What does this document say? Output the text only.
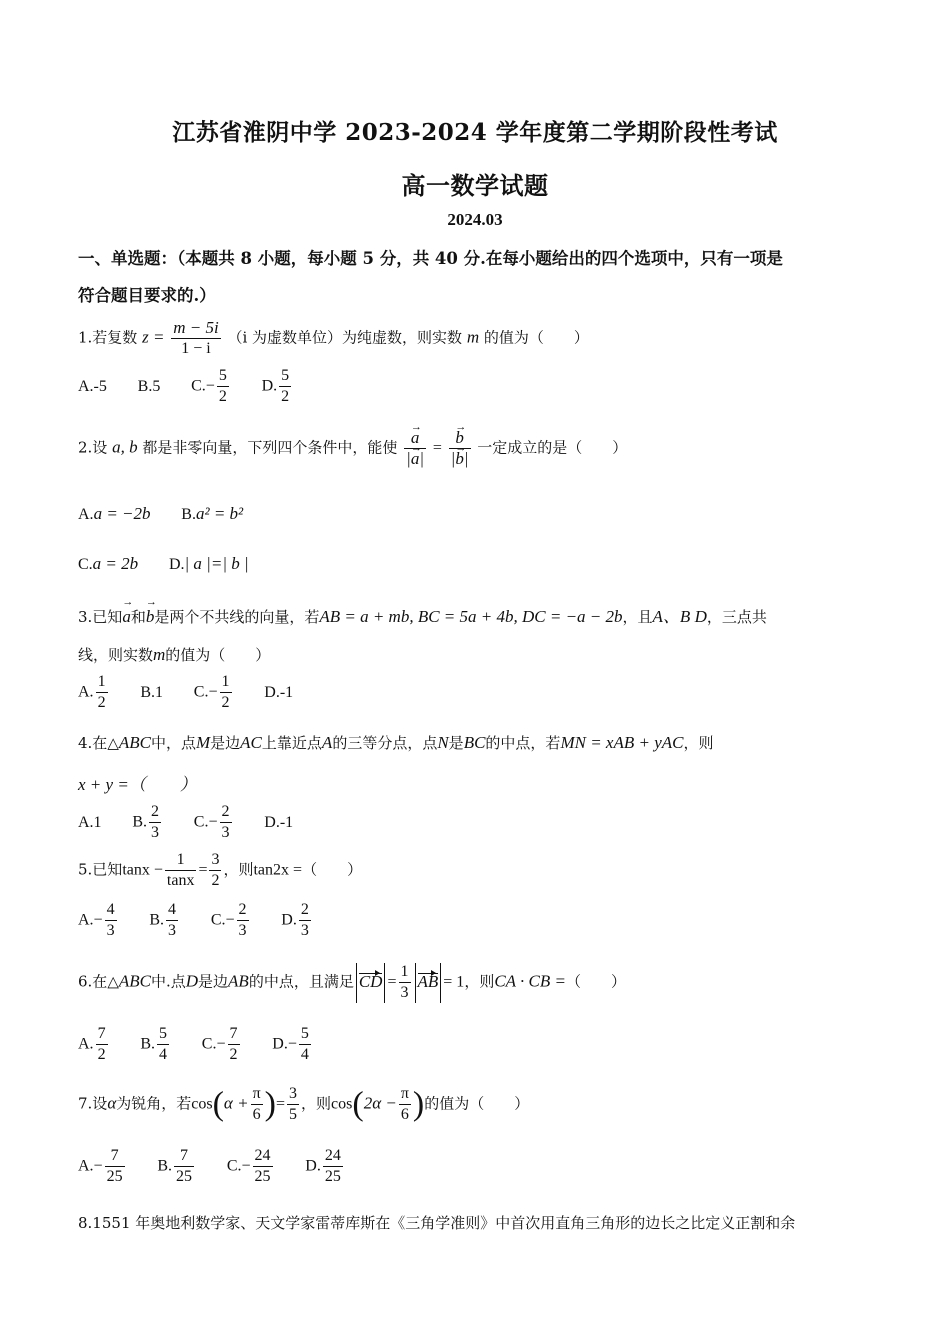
江苏省淮阴中学 2023-2024 学年度第二学期阶段性考试
高一数学试题
2024.03
一、单选题：（本题共 8 小题，每小题 5 分，共 40 分.在每小题给出的四个选项中，只有一项是
符合题目要求的.）
1.若复数 $z = \frac{m - 5i}{1 - i} (i$ 为虚数单位）为纯虚数，则实数 m 的值为（　　）
A.-5 B.5 $C.- \frac{5}{2} D$. $\frac{5}{2}$
2.设 a, b 都是非零向量，下列四个条件中，能使 → $\frac{a}{|\to a|}$ = → $\frac{b}{|\to b|}$ 一定成立的是（　　）
A.a = −2b B.a² = b²
C.a = 2b D.| a |=| b |
3.已知→ a和→ b是两个不共线的向量，若AB = a + mb, BC = 5a + 4b, DC = −a − 2b，且A、B D，三点共
线，则实数m的值为（　　）
A. $\frac{1}{2} B.1$ $C.- \frac{1}{2} D.-1$
4.在△ABC中，点M是边AC上靠近点A的三等分点，点N是BC的中点，若MN = xAB + yAC，则
x + y =（　　）
A.1 B. $\frac{2}{3} C.- \frac{2}{3} D.-1$
5.已知$\tan x - \frac{1}{\tan x} = \frac{3}{2}$ ，则tan2x =（　　）
$A.- \frac{4}{3} B$. $\frac{4}{3} C.- \frac{2}{3} D$. $\frac{2}{3}$
6.在△ABC中.点D是边AB的中点，且满足 CD = $\frac{1}{3}$ AB = 1，则CA · CB =（　　）
A. $\frac{7}{2} B$. $\frac{5}{4} C.- \frac{7}{2} D.- \frac{5}{4}$
7.设α为锐角，若$\cos(\alpha + \frac{\pi}{6}$ )= $\frac{3}{5}$ ，则$\cos(2\alpha - \frac{\pi}{6}$ )的值为（　　）
$A.- \frac{7}{25} B$. $\frac{7}{25} C.- \frac{24}{25} D$. $\frac{24}{25}$
8.1551 年奥地利数学家、天文学家雷蒂库斯在《三角学准则》中首次用直角三角形的边长之比定义正割和余
